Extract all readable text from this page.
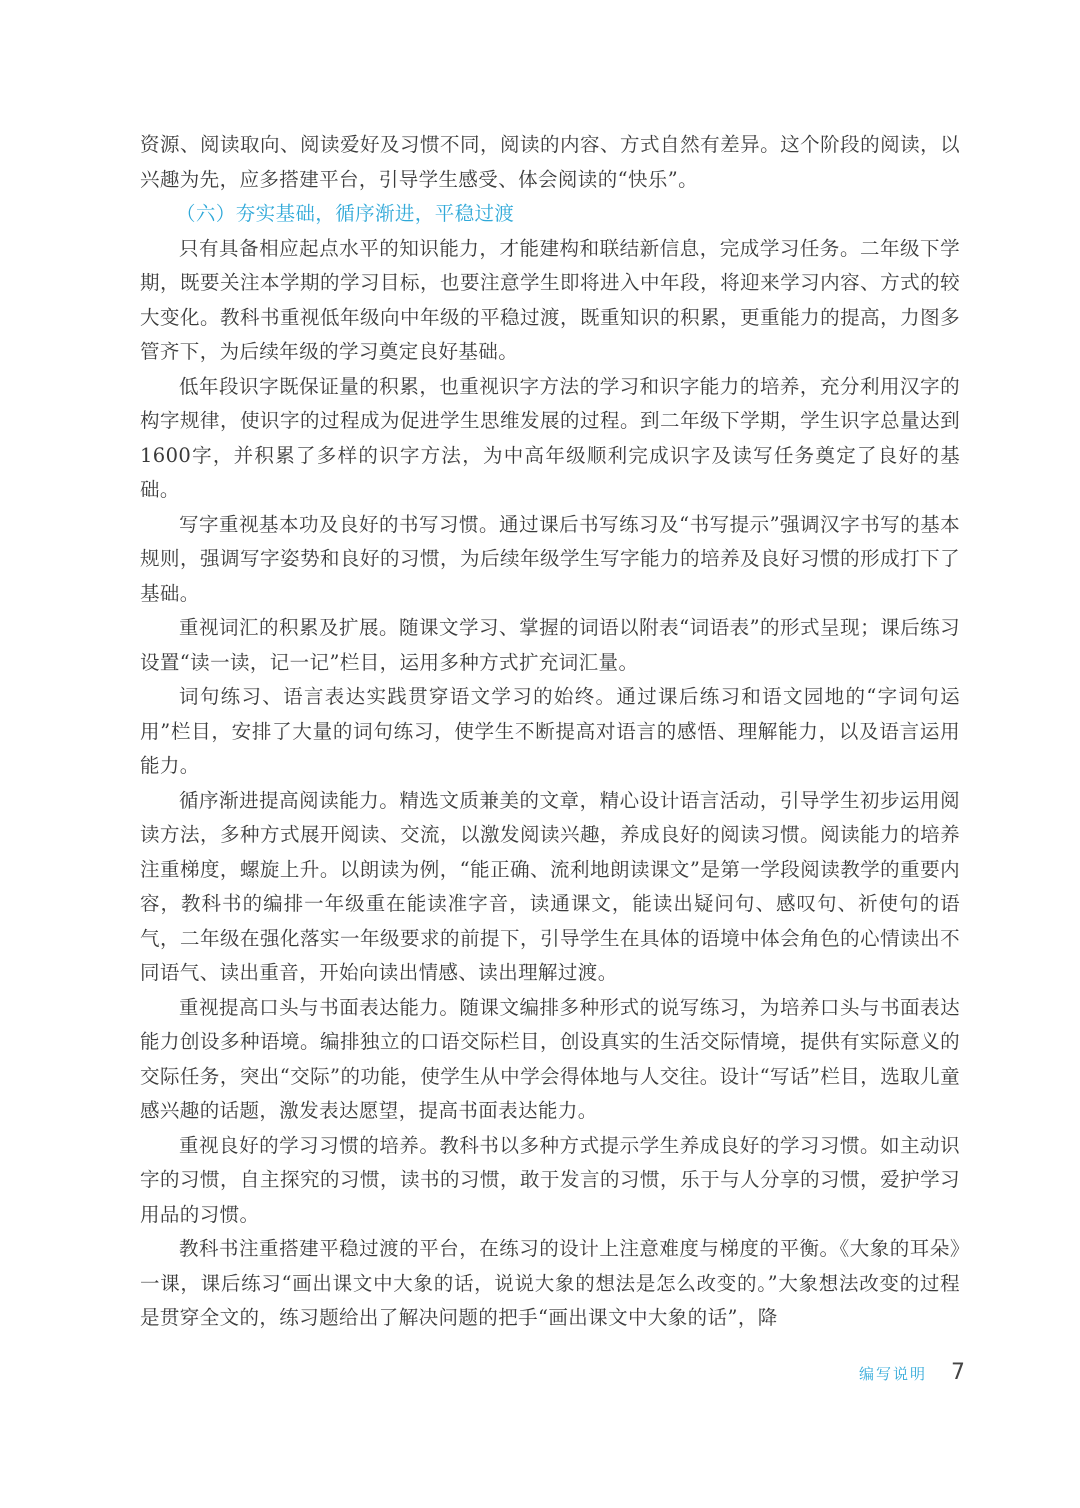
资源、阅读取向、阅读爱好及习惯不同，阅读的内容、方式自然有差异。这个阶段的阅读，以兴趣为先，应多搭建平台，引导学生感受、体会阅读的“快乐”。

（六）夯实基础，循序渐进，平稳过渡

只有具备相应起点水平的知识能力，才能建构和联结新信息，完成学习任务。二年级下学期，既要关注本学期的学习目标，也要注意学生即将进入中年段，将迎来学习内容、方式的较大变化。教科书重视低年级向中年级的平稳过渡，既重知识的积累，更重能力的提高，力图多管齐下，为后续年级的学习奠定良好基础。

低年段识字既保证量的积累，也重视识字方法的学习和识字能力的培养，充分利用汉字的构字规律，使识字的过程成为促进学生思维发展的过程。到二年级下学期，学生识字总量达到1600字，并积累了多样的识字方法，为中高年级顺利完成识字及读写任务奠定了良好的基础。

写字重视基本功及良好的书写习惯。通过课后书写练习及“书写提示”强调汉字书写的基本规则，强调写字姿势和良好的习惯，为后续年级学生写字能力的培养及良好习惯的形成打下了基础。

重视词汇的积累及扩展。随课文学习、掌握的词语以附表“词语表”的形式呈现；课后练习设置“读一读，记一记”栏目，运用多种方式扩充词汇量。

词句练习、语言表达实践贯穿语文学习的始终。通过课后练习和语文园地的“字词句运用”栏目，安排了大量的词句练习，使学生不断提高对语言的感悟、理解能力，以及语言运用能力。

循序渐进提高阅读能力。精选文质兼美的文章，精心设计语言活动，引导学生初步运用阅读方法，多种方式展开阅读、交流，以激发阅读兴趣，养成良好的阅读习惯。阅读能力的培养注重梯度，螺旋上升。以朗读为例，“能正确、流利地朗读课文”是第一学段阅读教学的重要内容，教科书的编排一年级重在能读准字音，读通课文，能读出疑问句、感叹句、祈使句的语气，二年级在强化落实一年级要求的前提下，引导学生在具体的语境中体会角色的心情读出不同语气、读出重音，开始向读出情感、读出理解过渡。

重视提高口头与书面表达能力。随课文编排多种形式的说写练习，为培养口头与书面表达能力创设多种语境。编排独立的口语交际栏目，创设真实的生活交际情境，提供有实际意义的交际任务，突出“交际”的功能，使学生从中学会得体地与人交往。设计“写话”栏目，选取儿童感兴趣的话题，激发表达愿望，提高书面表达能力。

重视良好的学习习惯的培养。教科书以多种方式提示学生养成良好的学习习惯。如主动识字的习惯，自主探究的习惯，读书的习惯，敢于发言的习惯，乐于与人分享的习惯，爱护学习用品的习惯。

教科书注重搭建平稳过渡的平台，在练习的设计上注意难度与梯度的平衡。《大象的耳朵》一课，课后练习“画出课文中大象的话，说说大象的想法是怎么改变的。”大象想法改变的过程是贯穿全文的，练习题给出了解决问题的把手“画出课文中大象的话”，降

编写说明 7
